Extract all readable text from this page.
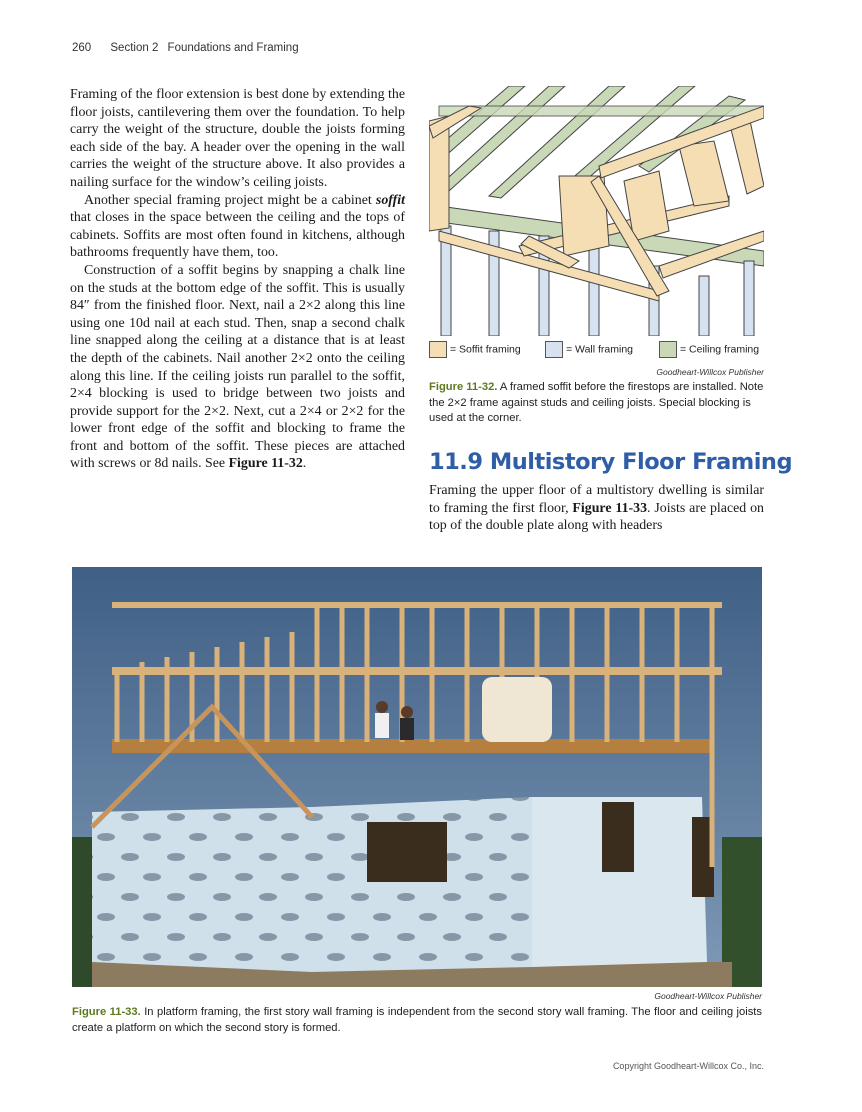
260 Section 2 Foundations and Framing

Framing of the floor extension is best done by extending the floor joists, cantilevering them over the foundation. To help carry the weight of the structure, double the joists forming each side of the bay. A header over the opening in the wall carries the weight of the structure above. It also provides a nailing surface for the window’s ceiling joists.

Another special framing project might be a cabinet soffit that closes in the space between the ceiling and the tops of cabinets. Soffits are most often found in kitchens, although bathrooms frequently have them, too.

Construction of a soffit begins by snapping a chalk line on the studs at the bottom edge of the soffit. This is usually 84″ from the finished floor. Next, nail a 2×2 along this line using one 10d nail at each stud. Then, snap a second chalk line snapped along the ceiling at a distance that is at least the depth of the cabinets. Nail another 2×2 onto the ceiling along this line. If the ceiling joists run parallel to the soffit, 2×4 blocking is used to bridge between two joists and provide support for the 2×2. Next, cut a 2×4 or 2×2 for the lower front edge of the soffit and blocking to frame the front and bottom of the soffit. These pieces are attached with screws or 8d nails. See Figure 11-32.

= Soffit framing	= Wall framing	= Ceiling framing
Goodheart-Willcox Publisher
Figure 11-32. A framed soffit before the firestops are installed. Note the 2×2 frame against studs and ceiling joists. Special blocking is used at the corner.
11.9 Multistory Floor Framing
Framing the upper floor of a multistory dwelling is similar to framing the first floor, Figure 11-33. Joists are placed on top of the double plate along with headers
Goodheart-Willcox Publisher
Figure 11-33. In platform framing, the first story wall framing is independent from the second story wall framing. The floor and ceiling joists create a platform on which the second story is formed.
Copyright Goodheart-Willcox Co., Inc.
